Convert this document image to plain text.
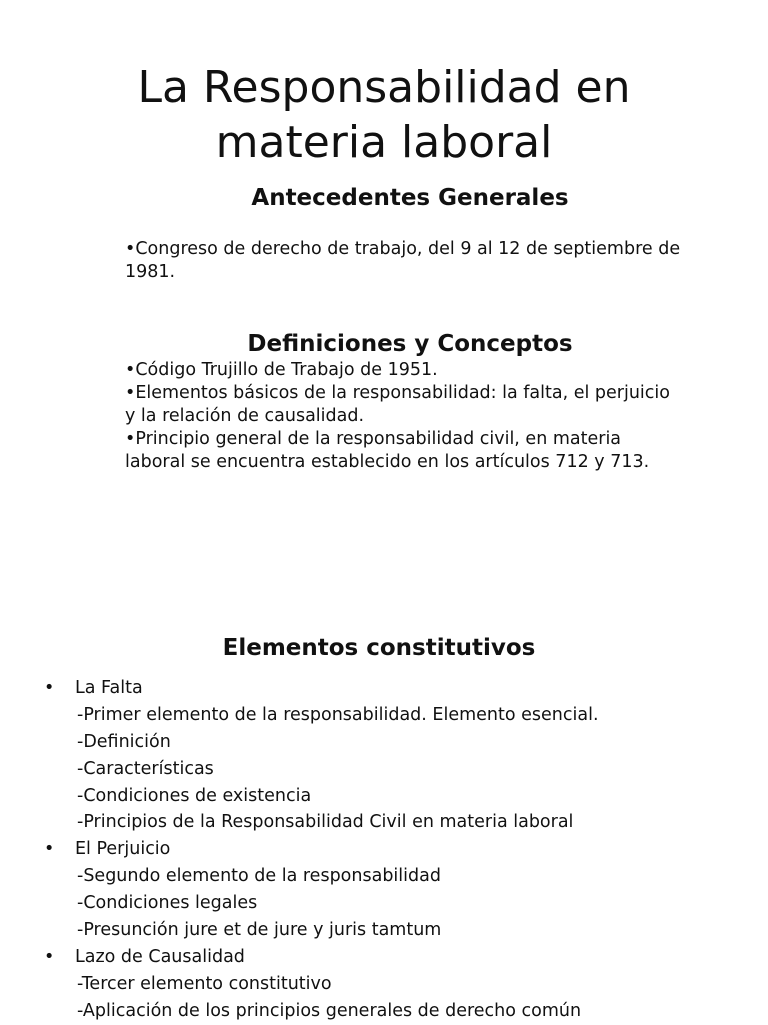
La Responsabilidad en
materia laboral
Antecedentes Generales

•Congreso de derecho de trabajo, del 9 al 12 de septiembre de 1981.

Definiciones y Conceptos

•Código Trujillo de Trabajo de 1951.

•Elementos básicos de la responsabilidad: la falta, el perjuicio y la relación de causalidad.

•Principio general de la responsabilidad civil, en materia laboral se encuentra establecido en los artículos 712 y 713.

Elementos constitutivos
• La Falta
-Primer elemento de la responsabilidad. Elemento esencial.
-Definición
-Características
-Condiciones de existencia
-Principios de la Responsabilidad Civil en materia laboral
• El Perjuicio
-Segundo elemento de la responsabilidad
-Condiciones legales
-Presunción jure et de jure y juris tamtum
• Lazo de Causalidad
-Tercer elemento constitutivo
-Aplicación de los principios generales de derecho común
